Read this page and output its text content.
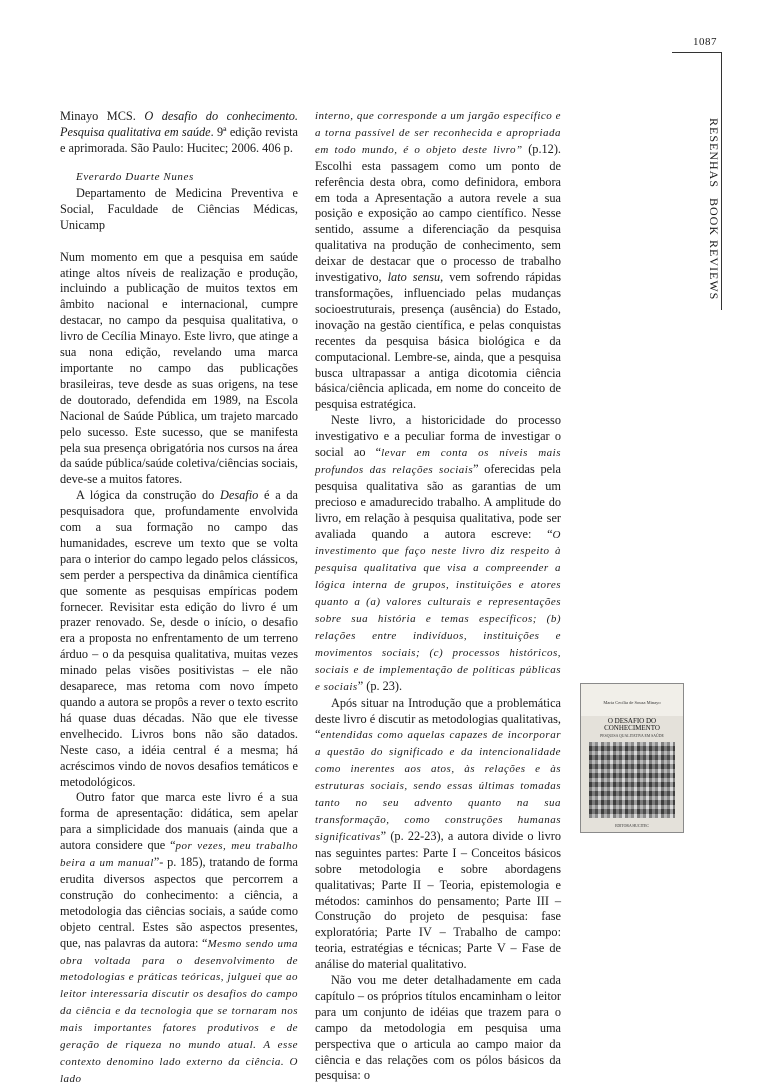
1087
RESENHAS  BOOK REVIEWS

Minayo MCS. O desafio do conhecimento. Pesquisa qualitativa em saúde. 9ª edição revista e aprimorada. São Paulo: Hucitec; 2006. 406 p.

Everardo Duarte Nunes

Departamento de Medicina Preventiva e Social, Faculdade de Ciências Médicas, Unicamp

Num momento em que a pesquisa em saúde atinge altos níveis de realização e produção, incluindo a publicação de muitos textos em âmbito nacional e internacional, cumpre destacar, no campo da pesquisa qualitativa, o livro de Cecília Minayo. Este livro, que atinge a sua nona edição, revelando uma marca importante no campo das publicações brasileiras, teve desde as suas origens, na tese de doutorado, defendida em 1989, na Escola Nacional de Saúde Pública, um trajeto marcado pelo sucesso. Este sucesso, que se manifesta pela sua presença obrigatória nos cursos na área da saúde pública/saúde coletiva/ciências sociais, deve-se a muitos fatores.

A lógica da construção do Desafio é a da pesquisadora que, profundamente envolvida com a sua formação no campo das humanidades, escreve um texto que se volta para o interior do campo legado pelos clássicos, sem perder a perspectiva da dinâmica científica que somente as pesquisas empíricas podem fornecer. Revisitar esta edição do livro é um prazer renovado. Se, desde o início, o desafio era a proposta no enfrentamento de um terreno árduo – o da pesquisa qualitativa, muitas vezes minado pelas visões positivistas – ele não desaparece, mas retoma com novo ímpeto quando a autora se propôs a rever o texto escrito há quase duas décadas. Não que ele tivesse envelhecido. Livros bons não são datados. Neste caso, a idéia central é a mesma; há acréscimos vindo de novos desafios temáticos e metodológicos.

Outro fator que marca este livro é a sua forma de apresentação: didática, sem apelar para a simplicidade dos manuais (ainda que a autora considere que “por vezes, meu trabalho beira a um manual”- p. 185), tratando de forma erudita diversos aspectos que percorrem a construção do conhecimento: a ciência, a metodologia das ciências sociais, a saúde como objeto central. Estes são aspectos presentes, que, nas palavras da autora: “Mesmo sendo uma obra voltada para o desenvolvimento de metodologias e práticas teóricas, julguei que ao leitor interessaria discutir os desafios do campo da ciência e da tecnologia que se tornaram nos mais importantes fatores produtivos e de geração de riqueza no mundo atual. A esse contexto denomino lado externo da ciência. O lado

interno, que corresponde a um jargão específico e a torna passível de ser reconhecida e apropriada em todo mundo, é o objeto deste livro” (p.12). Escolhi esta passagem como um ponto de referência desta obra, como definidora, embora em toda a Apresentação a autora revele a sua posição e exposição ao campo científico. Nesse sentido, assume a diferenciação da pesquisa qualitativa na produção de conhecimento, sem deixar de destacar que o processo de trabalho investigativo, lato sensu, vem sofrendo rápidas transformações, influenciado pelas mudanças socioestruturais, presença (ausência) do Estado, inovação na gestão científica, e pelas conquistas recentes da pesquisa básica biológica e da computacional. Lembre-se, ainda, que a pesquisa busca ultrapassar a antiga dicotomia ciência básica/ciência aplicada, em nome do conceito de pesquisa estratégica.

Neste livro, a historicidade do processo investigativo e a peculiar forma de investigar o social ao “levar em conta os níveis mais profundos das relações sociais” oferecidas pela pesquisa qualitativa são as garantias de um precioso e amadurecido trabalho. A amplitude do livro, em relação à pesquisa qualitativa, pode ser avaliada quando a autora escreve: “O investimento que faço neste livro diz respeito à pesquisa qualitativa que visa a compreender a lógica interna de grupos, instituições e atores quanto a (a) valores culturais e representações sobre sua história e temas específicos; (b) relações entre indivíduos, instituições e movimentos sociais; (c) processos históricos, sociais e de implementação de políticas públicas e sociais” (p. 23).

Após situar na Introdução que a problemática deste livro é discutir as metodologias qualitativas, “entendidas como aquelas capazes de incorporar a questão do significado e da intencionalidade como inerentes aos atos, às relações e às estruturas sociais, sendo essas últimas tomadas tanto no seu advento quanto na sua transformação, como construções humanas significativas” (p. 22-23), a autora divide o livro nas seguintes partes: Parte I – Conceitos básicos sobre metodologia e sobre abordagens qualitativas; Parte II – Teoria, epistemologia e métodos: caminhos do pensamento; Parte III – Construção do projeto de pesquisa: fase exploratória; Parte IV – Trabalho de campo: teoria, estratégias e técnicas; Parte V – Fase de análise do material qualitativo.

Não vou me deter detalhadamente em cada capítulo – os próprios títulos encaminham o leitor para um conjunto de idéias que trazem para o campo da metodologia em pesquisa uma perspectiva que o articula ao campo maior da ciência e das relações com os pólos básicos da pesquisa: o

Maria Cecília de Souza Minayo
O DESAFIO DO CONHECIMENTO
PESQUISA QUALITATIVA EM SAÚDE
EDITORA HUCITEC
